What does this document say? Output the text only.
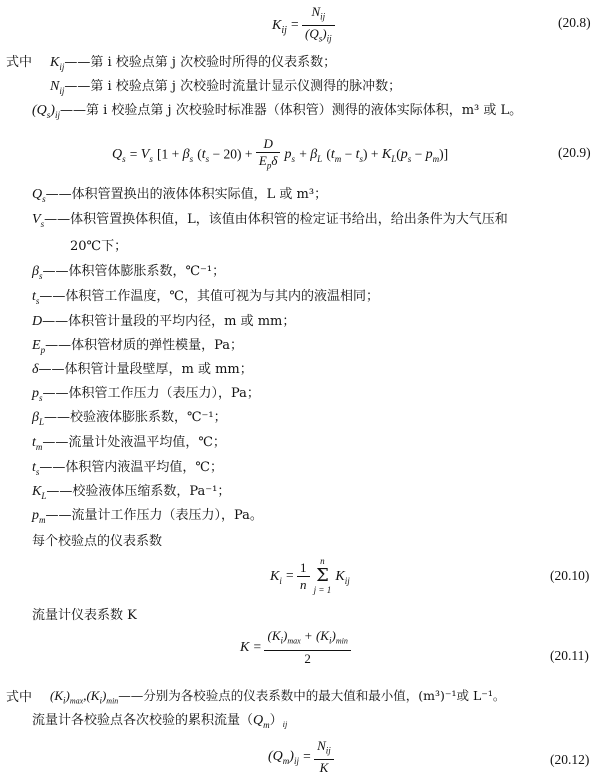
$K_{ij} = \frac{N_{ij}}{(Q_s)_{ij}}$	(20.8)
式中 $K_{ij}——$第 i 校验点第 j 次校验时所得的仪表系数；
$N_{ij}——$第 i 校验点第 j 次校验时流量计显示仪测得的脉冲数；
$(Q_s)_{ij}——$第 i 校验点第 j 次校验时标准器（体积管）测得的液体实际体积，m³ 或 L。
$Q_s = V_s$ [$1 + \beta_s$ $(t_s - 20) + \frac{D}{E_p\delta} p_s + \beta_L$ $(t_m - t_s) + K_L(p_s - p_m)$]	(20.9)
$Q_s——$体积管置换出的液体体积实际值，L 或 m³；
$V_s——$体积管置换体积值，L，该值由体积管的检定证书给出，给出条件为大气压和
20℃下；
$\beta_s——$体积管体膨胀系数，℃⁻¹；
$t_s——$体积管工作温度，℃，其值可视为与其内的液温相同；
D——体积管计量段的平均内径，m 或 mm；
$E_p——$体积管材质的弹性模量，Pa；
δ——体积管计量段壁厚，m 或 mm；
$p_s——$体积管工作压力（表压力），Pa；
$\beta_L——$校验液体膨胀系数，℃⁻¹；
$t_m——$流量计处液温平均值，℃；
$t_s——$体积管内液温平均值，℃；
$K_L——$校验液体压缩系数，Pa⁻¹；
$p_m——$流量计工作压力（表压力），Pa。
每个校验点的仪表系数
$K_i = \frac{1}{n}$
	n
Σ
j = 1
$K_{ij}$	(20.10)
流量计仪表系数 K
$K = \frac{(K_i)_{max} + (K_i)_{min}}{2}$	(20.11)
式中 $(K_i)_{max},(K_i)_{min}——$分别为各校验点的仪表系数中的最大值和最小值，(m³)⁻¹或 L⁻¹。
流量计各校验点各次校验的累积流量$(Q_m)_{ij}$
$(Q_m)_{ij} = \frac{N_{ij}}{K}$	(20.12)
